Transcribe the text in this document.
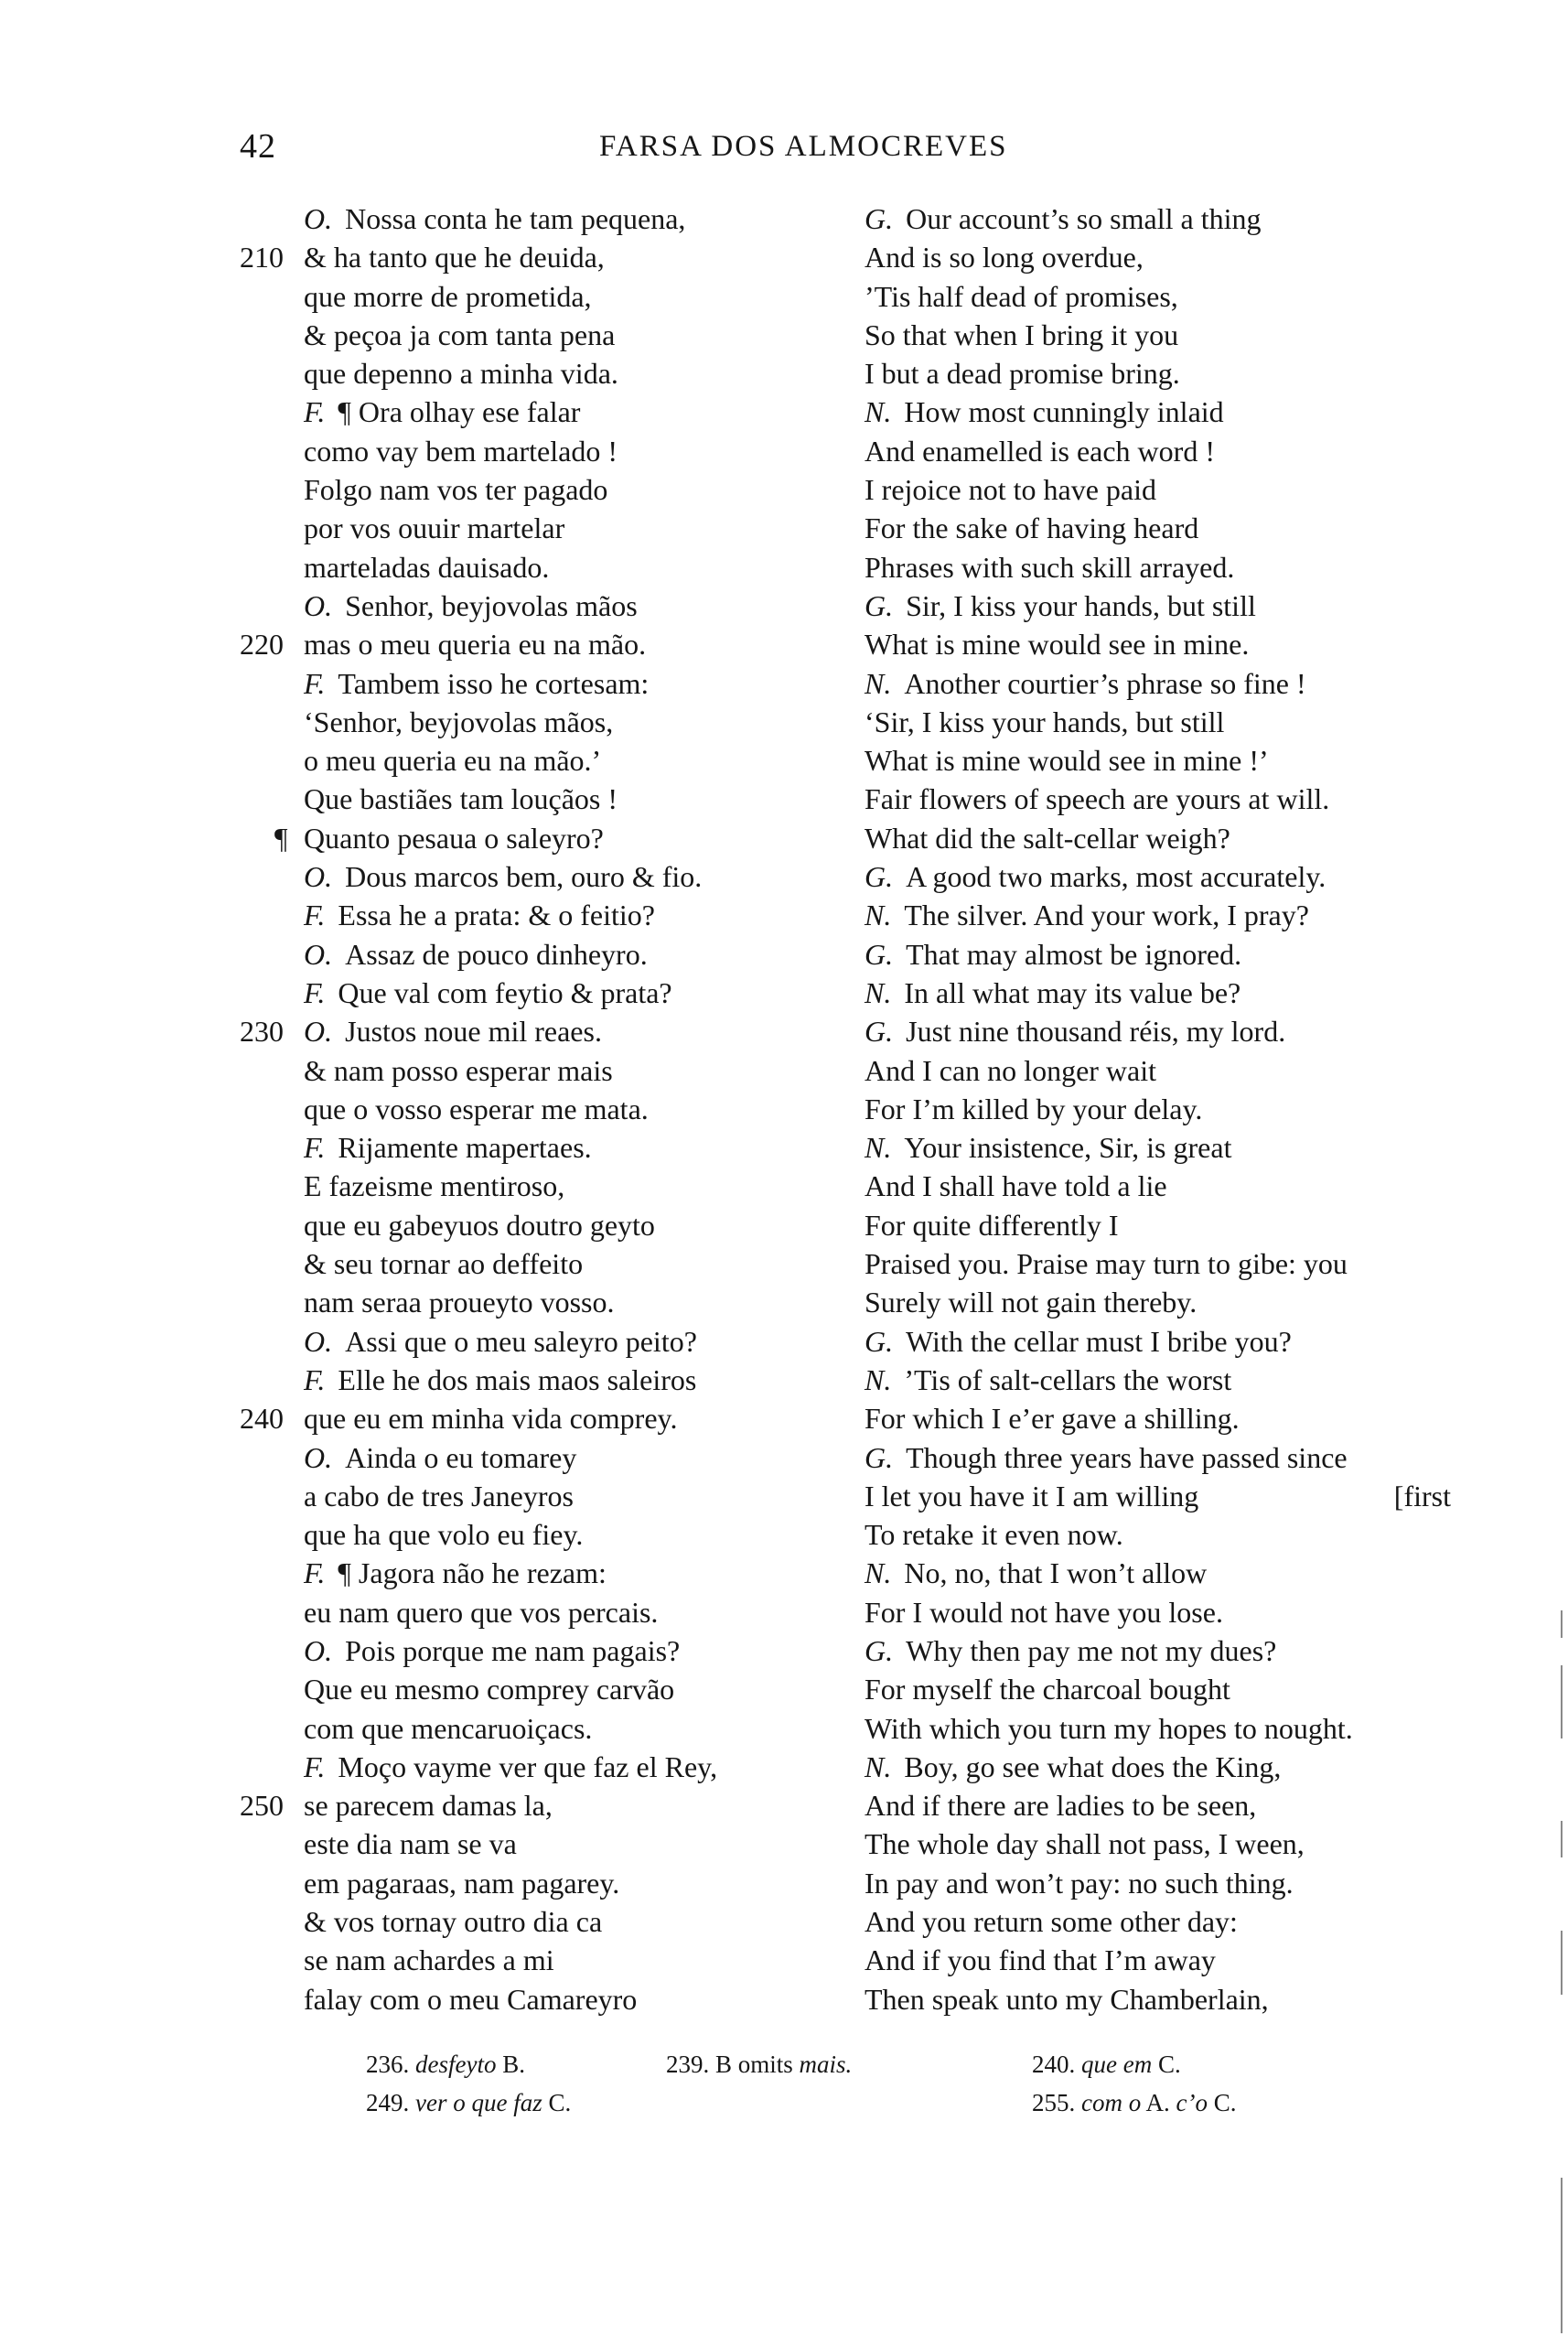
42	FARSA DOS ALMOCREVES
O. Nossa conta he tam pequena,
210 & ha tanto que he deuida,
que morre de prometida,
& peçoa ja com tanta pena
que depenno a minha vida.
F. ¶ Ora olhay ese falar
como vay bem martelado !
Folgo nam vos ter pagado
por vos ouuir martelar
marteladas dauisado.
O. Senhor, beyjovolas mãos
220 mas o meu queria eu na mão.
F. Tambem isso he cortesam:
‘Senhor, beyjovolas mãos,
o meu queria eu na mão.’
Que bastiães tam louçãos !
¶ Quanto pesaua o saleyro?
O. Dous marcos bem, ouro & fio.
F. Essa he a prata: & o feitio?
O. Assaz de pouco dinheyro.
F. Que val com feytio & prata?
230 O. Justos noue mil reaes.
& nam posso esperar mais
que o vosso esperar me mata.
F. Rijamente mapertaes.
E fazeisme mentiroso,
que eu gabeyuos doutro geyto
& seu tornar ao deffeito
nam seraa proueyto vosso.
O. Assi que o meu saleyro peito?
F. Elle he dos mais maos saleiros
240 que eu em minha vida comprey.
O. Ainda o eu tomarey
a cabo de tres Janeyros
que ha que volo eu fiey.
F. ¶ Jagora não he rezam:
eu nam quero que vos percais.
O. Pois porque me nam pagais?
Que eu mesmo comprey carvão
com que mencaruoiçacs.
F. Moço vayme ver que faz el Rey,
250 se parecem damas la,
este dia nam se va
em pagaraas, nam pagarey.
& vos tornay outro dia ca
se nam achardes a mi
falay com o meu Camareyro
G. Our account’s so small a thing
And is so long overdue,
’Tis half dead of promises,
So that when I bring it you
I but a dead promise bring.
N. How most cunningly inlaid
And enamelled is each word !
I rejoice not to have paid
For the sake of having heard
Phrases with such skill arrayed.
G. Sir, I kiss your hands, but still
What is mine would see in mine.
N. Another courtier’s phrase so fine !
‘Sir, I kiss your hands, but still
What is mine would see in mine !’
Fair flowers of speech are yours at will.
What did the salt-cellar weigh?
G. A good two marks, most accurately.
N. The silver. And your work, I pray?
G. That may almost be ignored.
N. In all what may its value be?
G. Just nine thousand réis, my lord.
And I can no longer wait
For I’m killed by your delay.
N. Your insistence, Sir, is great
And I shall have told a lie
For quite differently I
Praised you. Praise may turn to gibe: you
Surely will not gain thereby.
G. With the cellar must I bribe you?
N. ’Tis of salt-cellars the worst
For which I e’er gave a shilling.
G. Though three years have passed since
I let you have it I am willing	[first
To retake it even now.
N. No, no, that I won’t allow
For I would not have you lose.
G. Why then pay me not my dues?
For myself the charcoal bought
With which you turn my hopes to nought.
N. Boy, go see what does the King,
And if there are ladies to be seen,
The whole day shall not pass, I ween,
In pay and won’t pay: no such thing.
And you return some other day:
And if you find that I’m away
Then speak unto my Chamberlain,
236. desfeyto B.	239. B omits mais.	240. que em C.
249. ver o que faz C.	255. com o A. c’o C.
